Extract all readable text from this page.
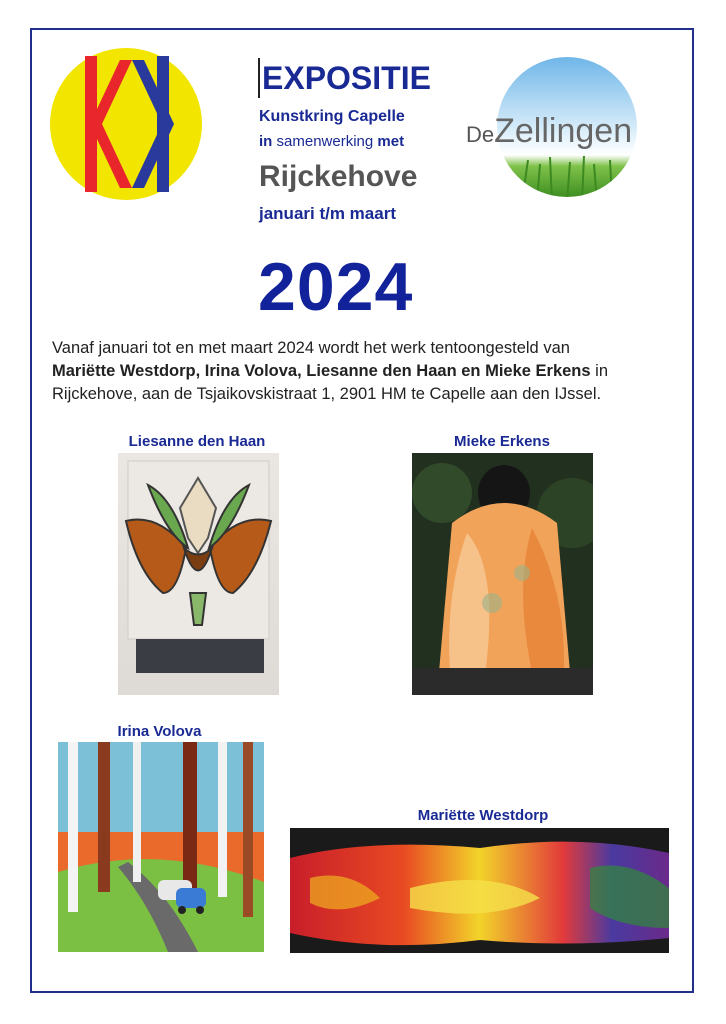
DeZellingen
EXPOSITIE
Kunstkring Capelle
in samenwerking met
Rijckehove
januari t/m maart
2024
Vanaf januari tot en met maart 2024 wordt het werk tentoongesteld van
Mariëtte Westdorp, Irina Volova, Liesanne den Haan en Mieke Erkens in
Rijckehove, aan de Tsjaikovskistraat 1, 2901 HM te Capelle aan den IJssel.
Liesanne den Haan	Mieke Erkens
Irina Volova
Mariëtte Westdorp
